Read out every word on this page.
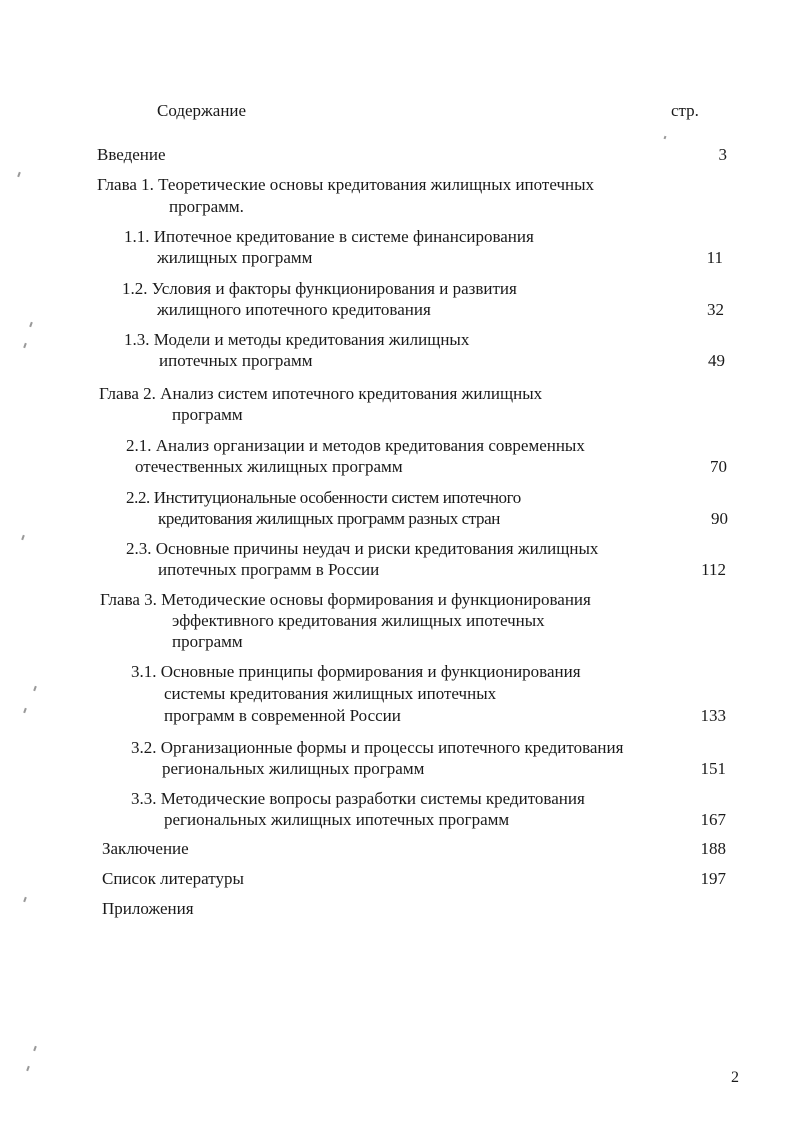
Содержание	стр.
Введение	3
Глава 1. Теоретические основы кредитования жилищных ипотечных
программ.
1.1. Ипотечное кредитование в системе финансирования
жилищных программ	11
1.2. Условия и факторы функционирования и развития
жилищного ипотечного кредитования	32
1.3. Модели и методы кредитования жилищных
ипотечных программ	49
Глава 2. Анализ систем ипотечного кредитования жилищных
программ
2.1. Анализ организации и методов кредитования современных
отечественных жилищных программ	70
2.2. Институциональные особенности систем ипотечного
кредитования жилищных программ разных стран	90
2.3. Основные причины неудач и риски кредитования жилищных
ипотечных программ в России	112
Глава 3. Методические основы формирования и функционирования
эффективного кредитования жилищных ипотечных
программ
3.1. Основные принципы формирования и функционирования
системы кредитования жилищных ипотечных
программ в современной России	133
3.2. Организационные формы и процессы ипотечного кредитования
региональных жилищных программ	151
3.3. Методические вопросы разработки системы кредитования
региональных жилищных ипотечных программ	167
Заключение	188
Список литературы	197
Приложения
2
